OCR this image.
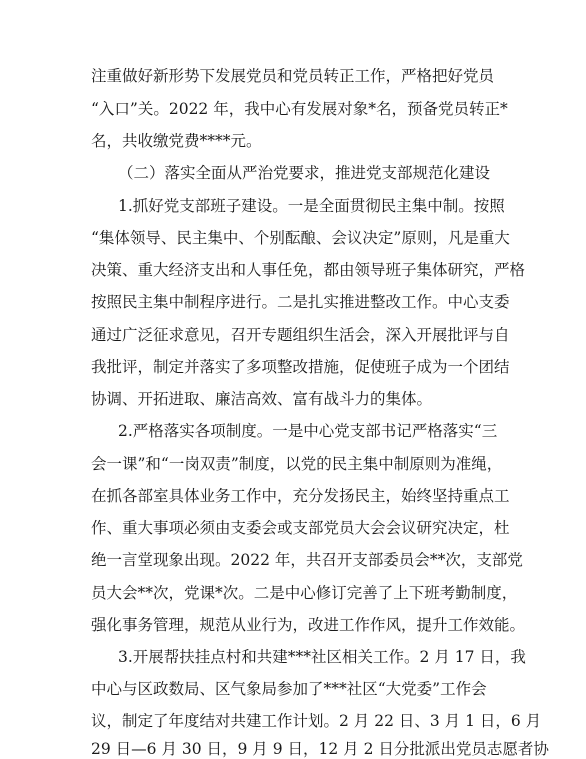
注重做好新形势下发展党员和党员转正工作，严格把好党员
“入口”关。2022 年，我中心有发展对象*名，预备党员转正*
名，共收缴党费****元。
（二）落实全面从严治党要求，推进党支部规范化建设
1.抓好党支部班子建设。一是全面贯彻民主集中制。按照
“集体领导、民主集中、个别酝酿、会议决定”原则，凡是重大
决策、重大经济支出和人事任免，都由领导班子集体研究，严格
按照民主集中制程序进行。二是扎实推进整改工作。中心支委
通过广泛征求意见，召开专题组织生活会，深入开展批评与自
我批评，制定并落实了多项整改措施，促使班子成为一个团结
协调、开拓进取、廉洁高效、富有战斗力的集体。
2.严格落实各项制度。一是中心党支部书记严格落实“三
会一课”和“一岗双责”制度，以党的民主集中制原则为准绳，
在抓各部室具体业务工作中，充分发扬民主，始终坚持重点工
作、重大事项必须由支委会或支部党员大会会议研究决定，杜
绝一言堂现象出现。2022 年，共召开支部委员会**次，支部党
员大会**次，党课*次。二是中心修订完善了上下班考勤制度，
强化事务管理，规范从业行为，改进工作作风，提升工作效能。
3.开展帮扶挂点村和共建***社区相关工作。2 月 17 日，我
中心与区政数局、区气象局参加了***社区“大党委”工作会
议，制定了年度结对共建工作计划。2 月 22 日、3 月 1 日，6 月
29 日—6 月 30 日，9 月 9 日，12 月 2 日分批派出党员志愿者协
